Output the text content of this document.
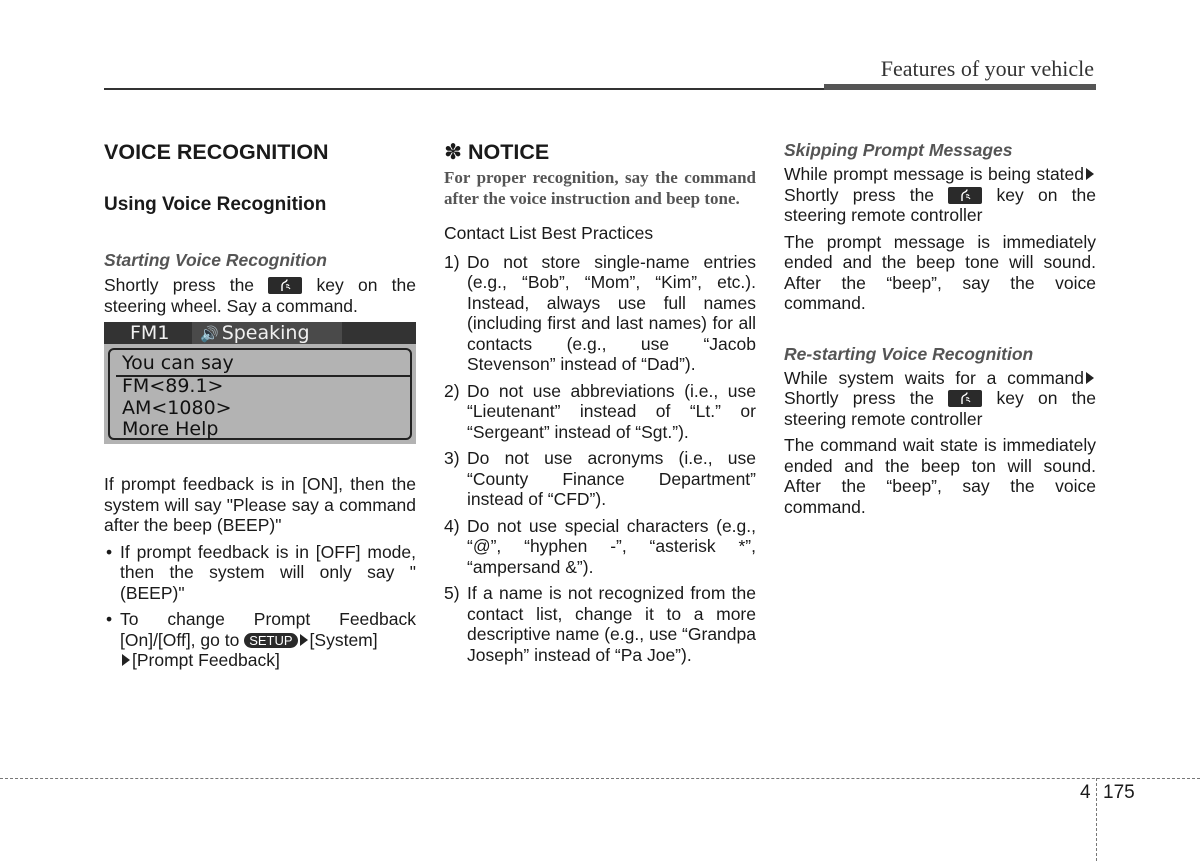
Features of your vehicle
VOICE RECOGNITION
Using Voice Recognition
Starting Voice Recognition

Shortly press the	key on the steering wheel. Say a command.

FM1	🔊 Speaking
You can say
FM<89.1>
AM<1080>
More Help

If prompt feedback is in [ON], then the system will say "Please say a command after the beep (BEEP)"

• If prompt feedback is in [OFF] mode, then the system will only say "(BEEP)"
• To change Prompt Feedback [On]/[Off], go to SETUP [System]
[Prompt Feedback]
✽ NOTICE
For proper recognition, say the command after the voice instruction and beep tone.

Contact List Best Practices

1) Do not store single-name entries (e.g., “Bob”, “Mom”, “Kim”, etc.). Instead, always use full names (including first and last names) for all contacts (e.g., use “Jacob Stevenson” instead of “Dad”).
2) Do not use abbreviations (i.e., use “Lieutenant” instead of “Lt.” or “Sergeant” instead of “Sgt.”).
3) Do not use acronyms (i.e., use “County Finance Department” instead of “CFD”).
4) Do not use special characters (e.g., “@”, “hyphen -”, “asterisk *”, “ampersand &”).
5) If a name is not recognized from the contact list, change it to a more descriptive name (e.g., use “Grandpa Joseph” instead of “Pa Joe”).
Skipping Prompt Messages

While prompt message is being statedShortly press the	key on the steering remote controller

The prompt message is immediately ended and the beep tone will sound. After the “beep”, say the voice command.

Re-starting Voice Recognition

While system waits for a command Shortly press the	key on the steering remote controller

The command wait state is immediately ended and the beep ton will sound. After the “beep”, say the voice command.

4 175
